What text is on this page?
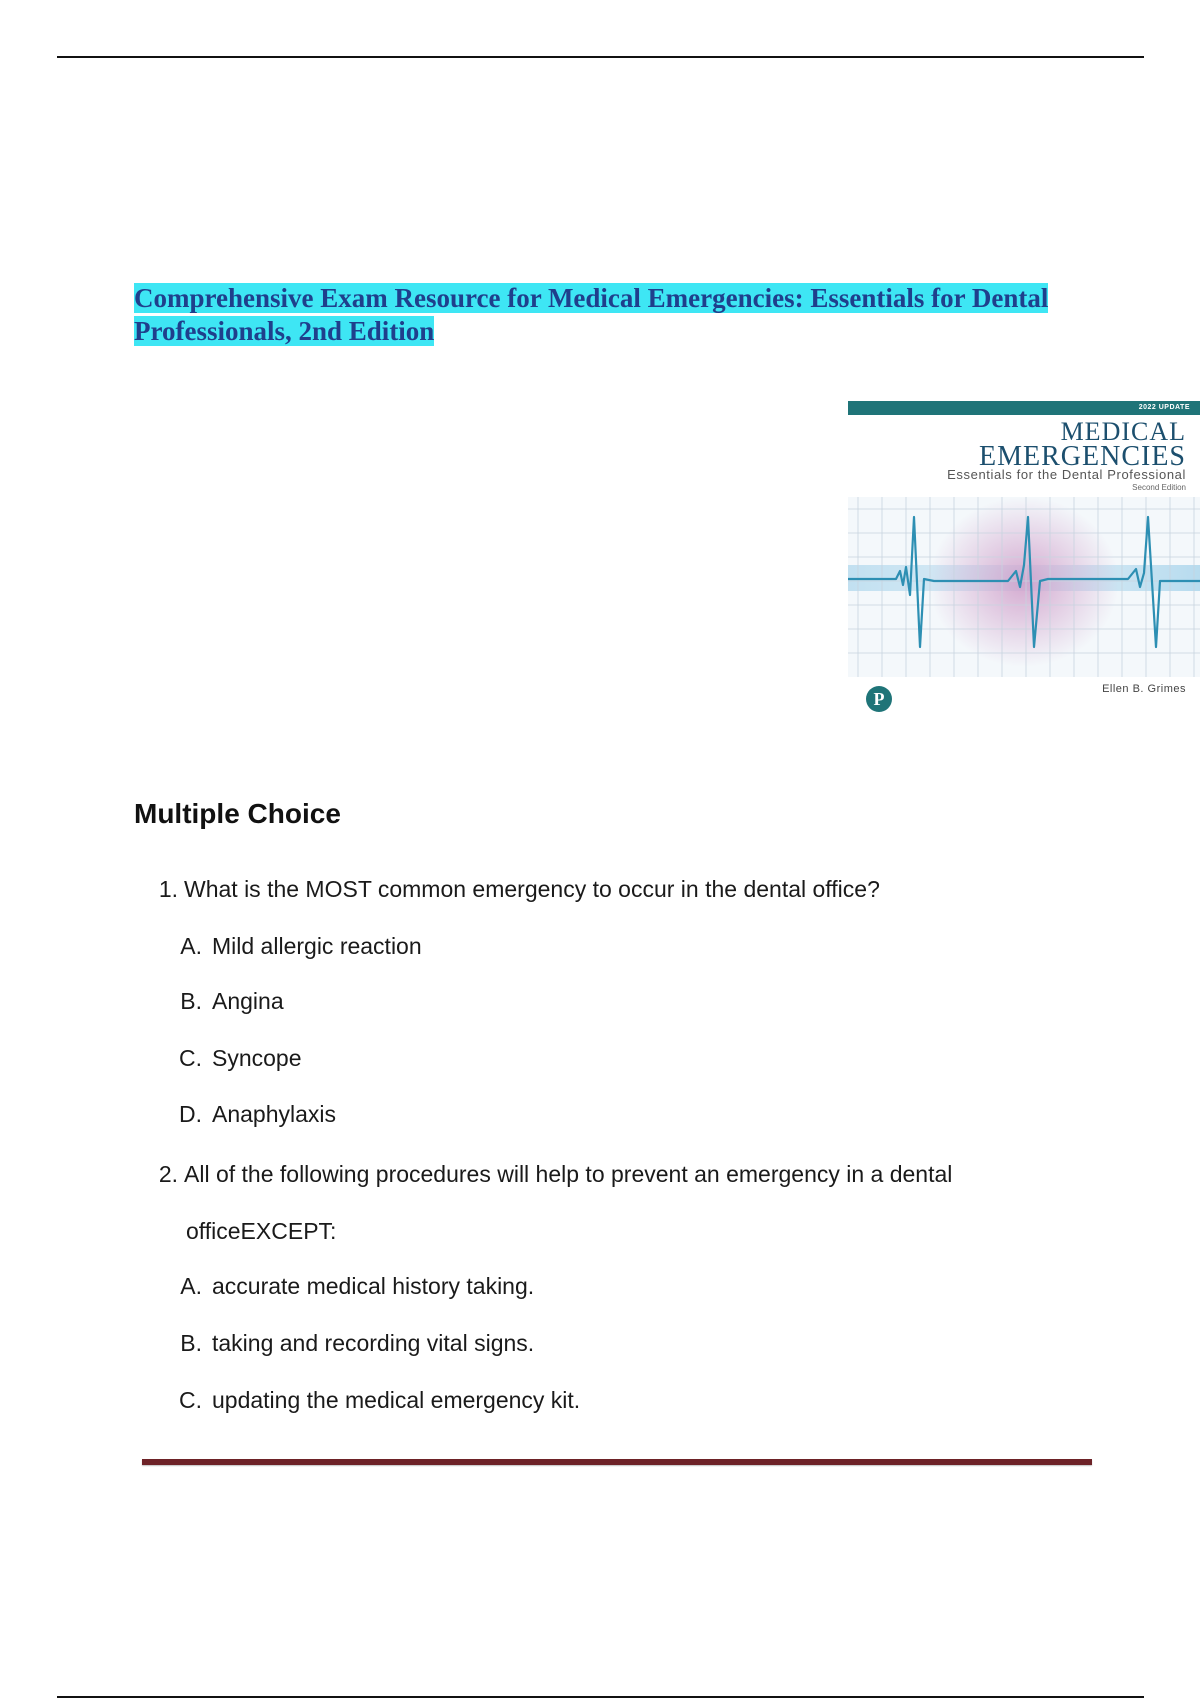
Comprehensive Exam Resource for Medical Emergencies: Essentials for Dental Professionals, 2nd Edition
2022 UPDATE
MEDICAL
EMERGENCIES
Essentials for the Dental Professional
Second Edition
P	Ellen B. Grimes
Multiple Choice
1. What is the MOST common emergency to occur in the dental office?
A. Mild allergic reaction
B. Angina
C. Syncope
D. Anaphylaxis
2. All of the following procedures will help to prevent an emergency in a dental
officeEXCEPT:
A. accurate medical history taking.
B. taking and recording vital signs.
C. updating the medical emergency kit.
